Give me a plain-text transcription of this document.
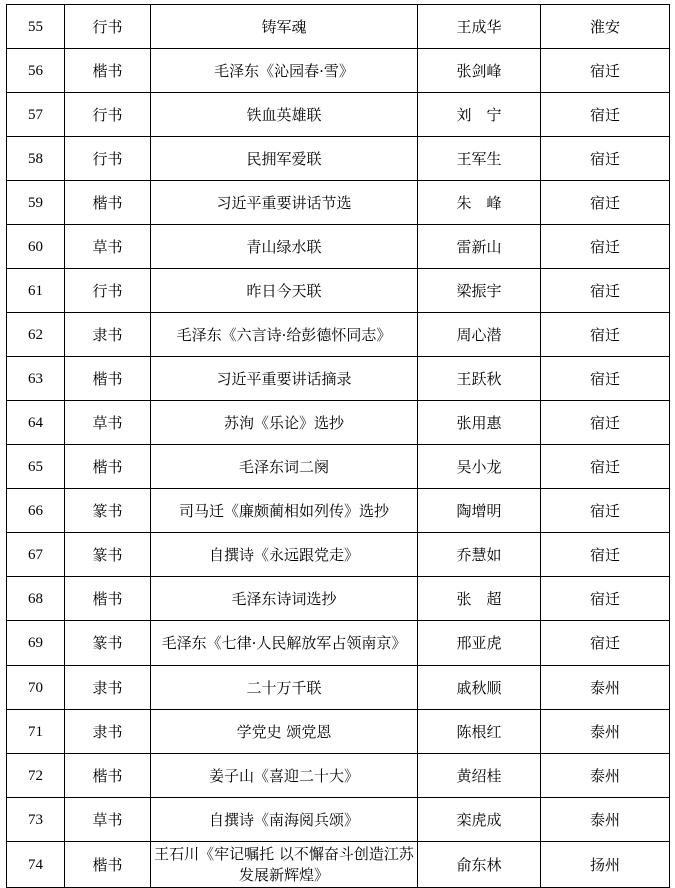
55	行书	铸军魂	王成华	淮安
56	楷书	毛泽东《沁园春·雪》	张剑峰	宿迁
57	行书	铁血英雄联	刘　宁	宿迁
58	行书	民拥军爱联	王军生	宿迁
59	楷书	习近平重要讲话节选	朱　峰	宿迁
60	草书	青山绿水联	雷新山	宿迁
61	行书	昨日今天联	梁振宇	宿迁
62	隶书	毛泽东《六言诗·给彭德怀同志》	周心潜	宿迁
63	楷书	习近平重要讲话摘录	王跃秋	宿迁
64	草书	苏洵《乐论》选抄	张用惠	宿迁
65	楷书	毛泽东词二阕	吴小龙	宿迁
66	篆书	司马迁《廉颇蔺相如列传》选抄	陶增明	宿迁
67	篆书	自撰诗《永远跟党走》	乔慧如	宿迁
68	楷书	毛泽东诗词选抄	张　超	宿迁
69	篆书	毛泽东《七律·人民解放军占领南京》	邢亚虎	宿迁
70	隶书	二十万千联	戚秋顺	泰州
71	隶书	学党史 颂党恩	陈根红	泰州
72	楷书	姜子山《喜迎二十大》	黄绍桂	泰州
73	草书	自撰诗《南海阅兵颂》	栾虎成	泰州
74	楷书	王石川《牢记嘱托 以不懈奋斗创造江苏发展新辉煌》	俞东林	扬州
